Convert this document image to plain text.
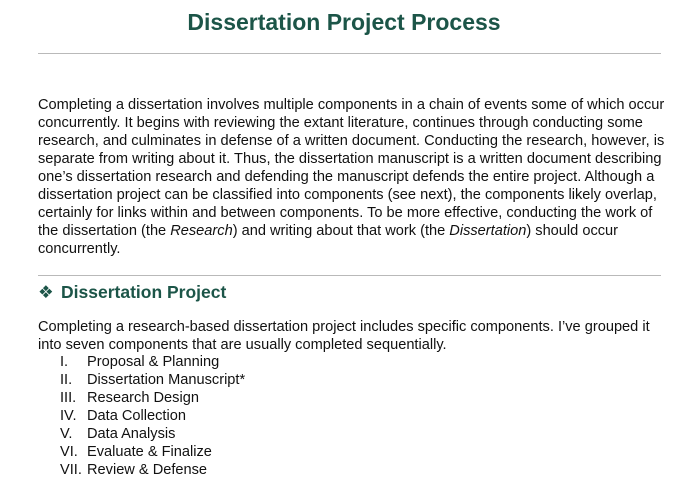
Dissertation Project Process

Completing a dissertation involves multiple components in a chain of events some of which occur concurrently. It begins with reviewing the extant literature, continues through conducting some research, and culminates in defense of a written document. Conducting the research, however, is separate from writing about it. Thus, the dissertation manuscript is a written document describing one’s dissertation research and defending the manuscript defends the entire project. Although a dissertation project can be classified into components (see next), the components likely overlap, certainly for links within and between components. To be more effective, conducting the work of the dissertation (the Research) and writing about that work (the Dissertation) should occur concurrently.

❖ Dissertation Project

Completing a research-based dissertation project includes specific components. I’ve grouped it into seven components that are usually completed sequentially.

I.	Proposal & Planning
II.	Dissertation Manuscript*
III. Research Design
IV. Data Collection
V. Data Analysis
VI. Evaluate & Finalize
VII. Review & Defense
